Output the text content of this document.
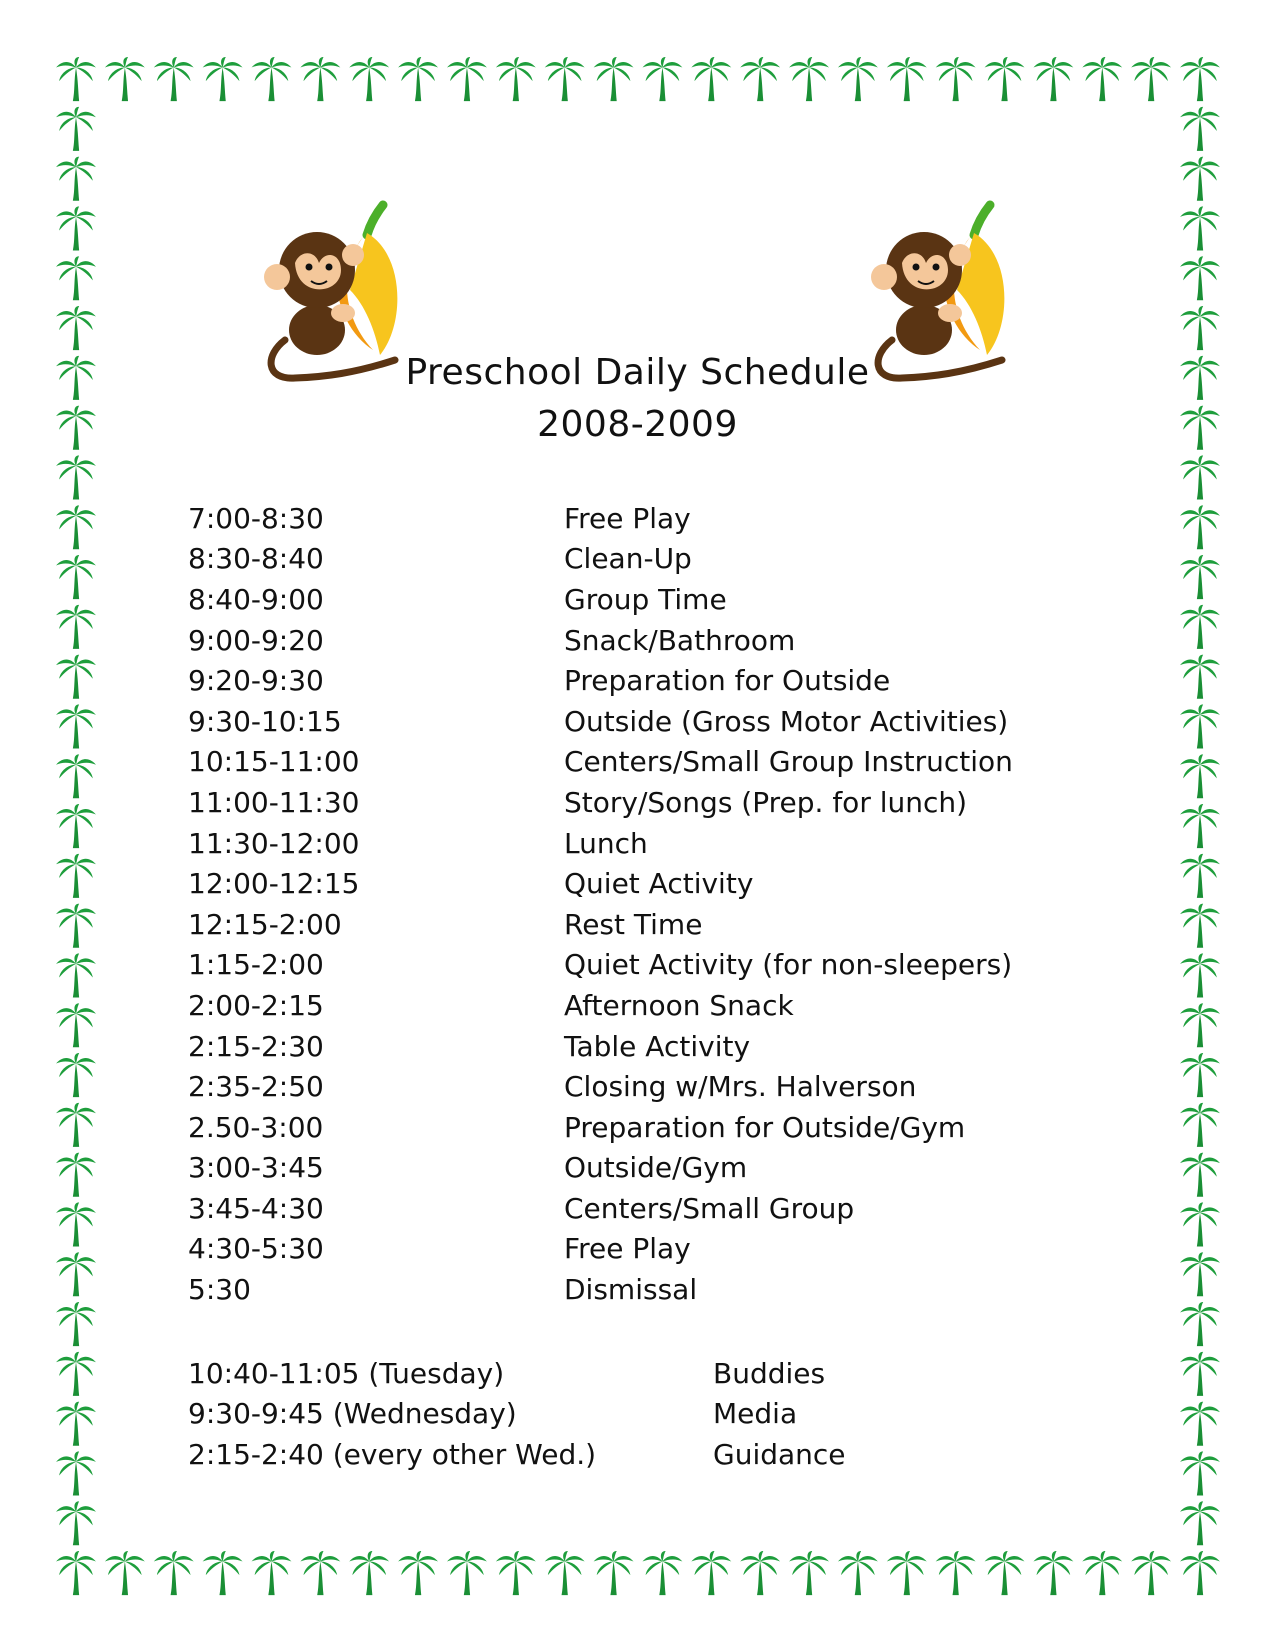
Preschool Daily Schedule
2008-2009
7:00-8:30	Free Play
8:30-8:40	Clean-Up
8:40-9:00	Group Time
9:00-9:20	Snack/Bathroom
9:20-9:30	Preparation for Outside
9:30-10:15	Outside (Gross Motor Activities)
10:15-11:00	Centers/Small Group Instruction
11:00-11:30	Story/Songs (Prep. for lunch)
11:30-12:00	Lunch
12:00-12:15	Quiet Activity
12:15-2:00	Rest Time
1:15-2:00	Quiet Activity (for non-sleepers)
2:00-2:15	Afternoon Snack
2:15-2:30	Table Activity
2:35-2:50	Closing w/Mrs. Halverson
2.50-3:00	Preparation for Outside/Gym
3:00-3:45	Outside/Gym
3:45-4:30	Centers/Small Group
4:30-5:30	Free Play
5:30	Dismissal
10:40-11:05 (Tuesday)	Buddies
9:30-9:45 (Wednesday)	Media
2:15-2:40 (every other Wed.)	Guidance
